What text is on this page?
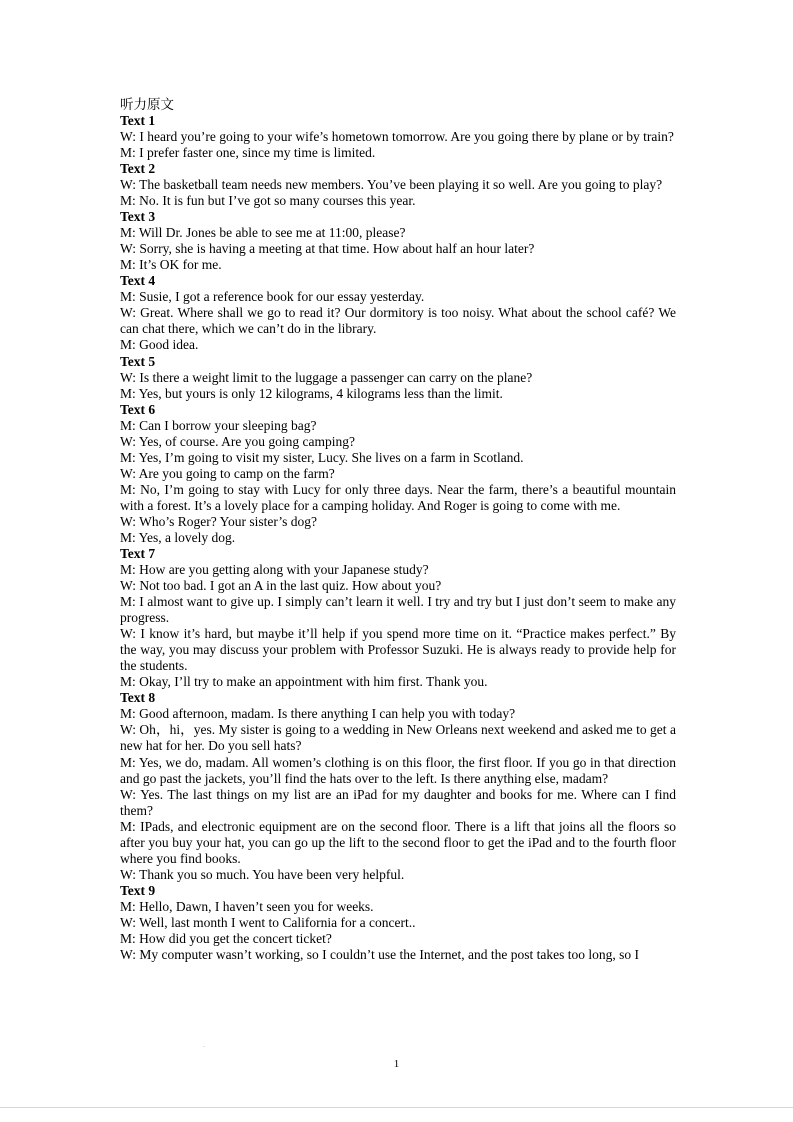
听力原文
Text 1
W: I heard you’re going to your wife’s hometown tomorrow. Are you going there by plane or by train?
M: I prefer faster one, since my time is limited.
Text 2
W: The basketball team needs new members. You’ve been playing it so well. Are you going to play?
M: No. It is fun but I’ve got so many courses this year.
Text 3
M: Will Dr. Jones be able to see me at 11:00, please?
W: Sorry, she is having a meeting at that time. How about half an hour later?
M: It’s OK for me.
Text 4
M: Susie, I got a reference book for our essay yesterday.
W: Great. Where shall we go to read it? Our dormitory is too noisy. What about the school café? We can chat there, which we can’t do in the library.
M: Good idea.
Text 5
W: Is there a weight limit to the luggage a passenger can carry on the plane?
M: Yes, but yours is only 12 kilograms, 4 kilograms less than the limit.
Text 6
M: Can I borrow your sleeping bag?
W: Yes, of course. Are you going camping?
M: Yes, I’m going to visit my sister, Lucy. She lives on a farm in Scotland.
W: Are you going to camp on the farm?
M: No, I’m going to stay with Lucy for only three days. Near the farm, there’s a beautiful mountain with a forest. It’s a lovely place for a camping holiday. And Roger is going to come with me.
W: Who’s Roger? Your sister’s dog?
M: Yes, a lovely dog.
Text 7
M: How are you getting along with your Japanese study?
W: Not too bad. I got an A in the last quiz. How about you?
M: I almost want to give up. I simply can’t learn it well. I try and try but I just don’t seem to make any progress.
W: I know it’s hard, but maybe it’ll help if you spend more time on it. “Practice makes perfect.” By the way, you may discuss your problem with Professor Suzuki. He is always ready to provide help for the students.
M: Okay, I’ll try to make an appointment with him first. Thank you.
Text 8
M: Good afternoon, madam. Is there anything I can help you with today?
W: Oh，hi，yes. My sister is going to a wedding in New Orleans next weekend and asked me to get a new hat for her. Do you sell hats?
M: Yes, we do, madam. All women’s clothing is on this floor, the first floor. If you go in that direction and go past the jackets, you’ll find the hats over to the left. Is there anything else, madam?
W: Yes. The last things on my list are an iPad for my daughter and books for me. Where can I find them?
M: IPads, and electronic equipment are on the second floor. There is a lift that joins all the floors so after you buy your hat, you can go up the lift to the second floor to get the iPad and to the fourth floor where you find books.
W: Thank you so much. You have been very helpful.
Text 9
M: Hello, Dawn, I haven’t seen you for weeks.
W: Well, last month I went to California for a concert..
M: How did you get the concert ticket?
W: My computer wasn’t working, so I couldn’t use the Internet, and the post takes too long, so I
.
1
